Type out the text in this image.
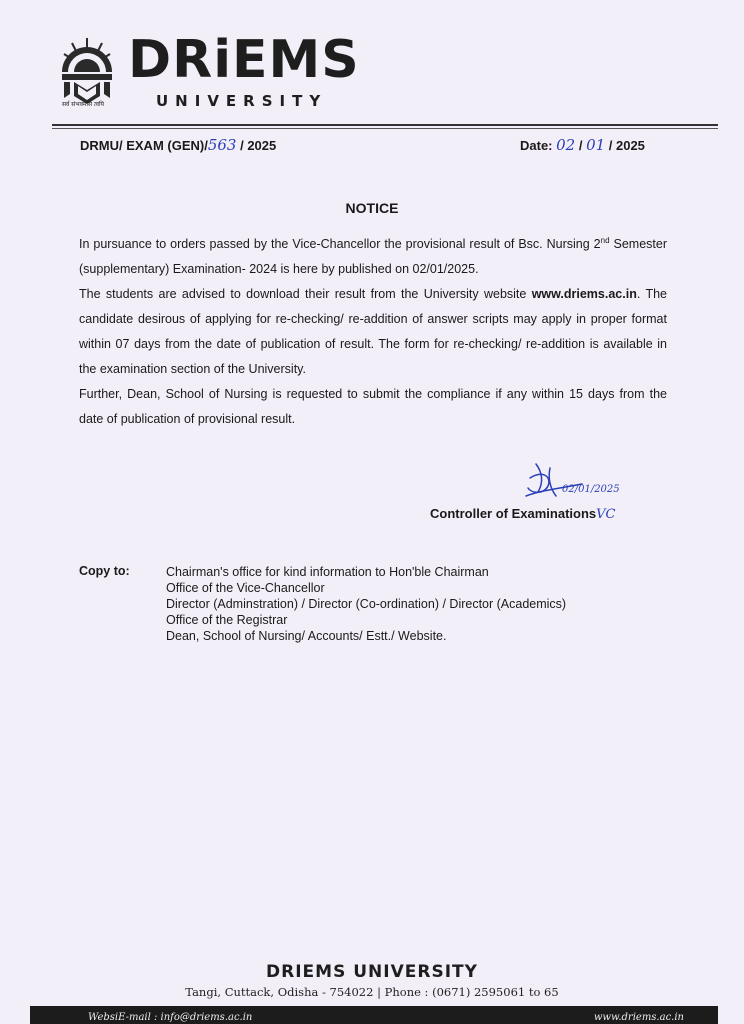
DRiEMS
UNIVERSITY
सर्व संभवमसि त्वयि
DRMU/ EXAM (GEN)/563 / 2025	Date: 02 / 01 / 2025
NOTICE

In pursuance to orders passed by the Vice-Chancellor the provisional result of Bsc. Nursing 2nd Semester (supplementary) Examination- 2024 is here by published on 02/01/2025.

The students are advised to download their result from the University website www.driems.ac.in. The candidate desirous of applying for re-checking/ re-addition of answer scripts may apply in proper format within 07 days from the date of publication of result. The form for re-checking/ re-addition is available in the examination section of the University.

Further, Dean, School of Nursing is requested to submit the compliance if any within 15 days from the date of publication of provisional result.

02/01/2025
Controller of ExaminationsVC
Copy to:	Chairman's office for kind information to Hon'ble Chairman
Office of the Vice-Chancellor
Director (Adminstration) / Director (Co-ordination) / Director (Academics)
Office of the Registrar
Dean, School of Nursing/ Accounts/ Estt./ Website.
DRIEMS UNIVERSITY
Tangi, Cuttack, Odisha - 754022 | Phone : (0671) 2595061 to 65
WebsiE-mail : info@driems.ac.in	www.driems.ac.in
